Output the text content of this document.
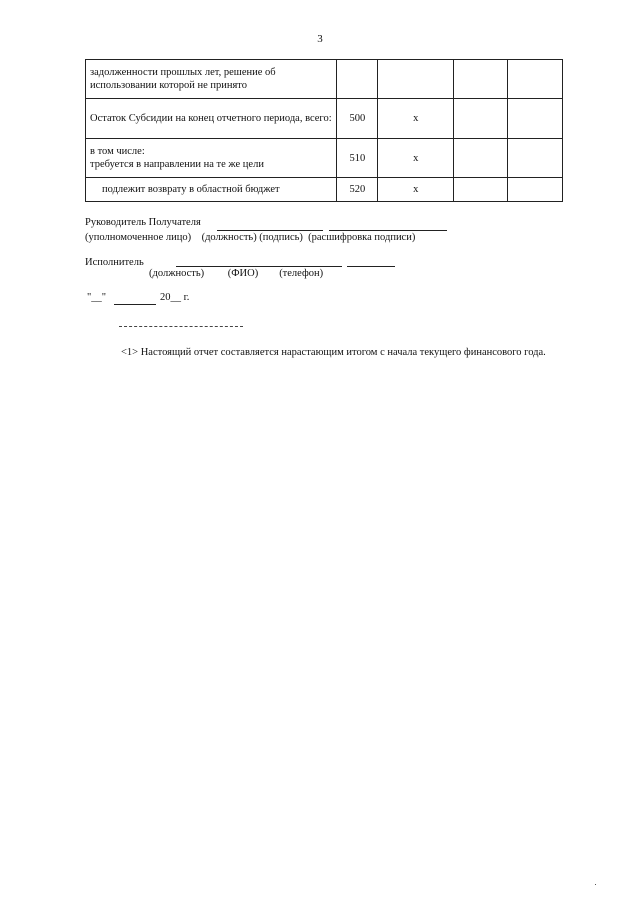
3
задолженности прошлых лет, решение об использовании которой не принято				
Остаток Субсидии на конец отчетного периода, всего:	500	x		

в том числе:
требуется в направлении на те же цели	510	x		
подлежит возврату в областной бюджет	520	x		
Руководитель Получателя
(уполномоченное лицо)    (должность) (подпись)  (расшифровка подписи)
Исполнитель
(должность)         (ФИО)        (телефон)
"__"	20__ г.
<1> Настоящий отчет составляется нарастающим итогом с начала текущего финансового года.
